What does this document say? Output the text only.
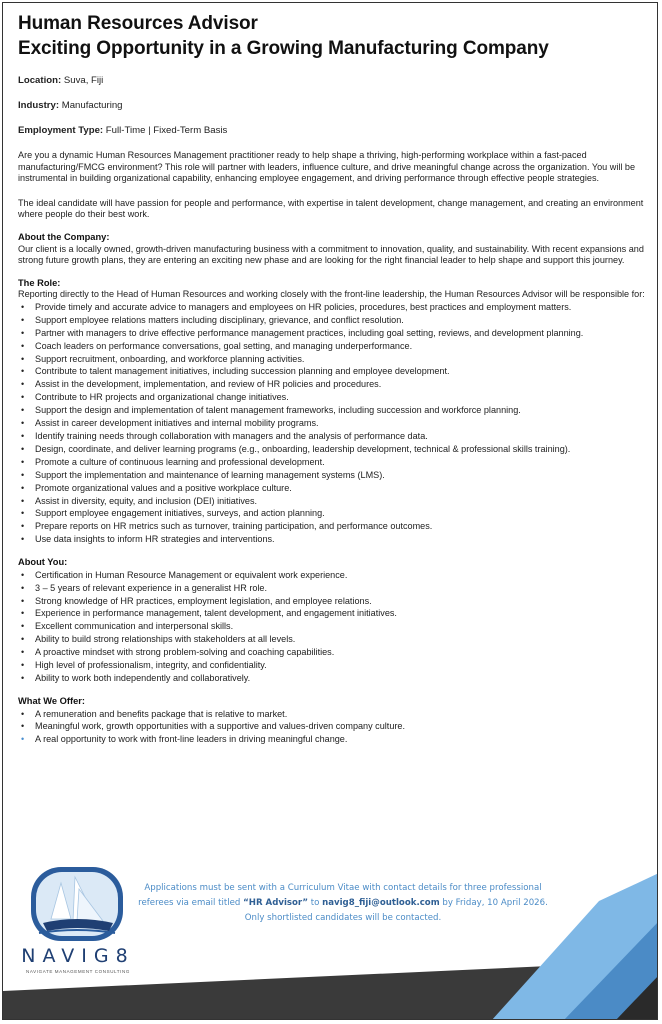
Human Resources Advisor
Exciting Opportunity in a Growing Manufacturing Company
Location: Suva, Fiji
Industry: Manufacturing
Employment Type: Full-Time | Fixed-Term Basis

Are you a dynamic Human Resources Management practitioner ready to help shape a thriving, high-performing workplace within a fast-paced manufacturing/FMCG environment? This role will partner with leaders, influence culture, and drive meaningful change across the organization. You will be instrumental in building organizational capability, enhancing employee engagement, and driving performance through effective people strategies.

The ideal candidate will have passion for people and performance, with expertise in talent development, change management, and creating an environment where people do their best work.

About the Company:

Our client is a locally owned, growth-driven manufacturing business with a commitment to innovation, quality, and sustainability. With recent expansions and strong future growth plans, they are entering an exciting new phase and are looking for the right financial leader to help shape and support this journey.

The Role:

Reporting directly to the Head of Human Resources and working closely with the front-line leadership, the Human Resources Advisor will be responsible for:

• Provide timely and accurate advice to managers and employees on HR policies, procedures, best practices and employment matters.
• Support employee relations matters including disciplinary, grievance, and conflict resolution.
• Partner with managers to drive effective performance management practices, including goal setting, reviews, and development planning.
• Coach leaders on performance conversations, goal setting, and managing underperformance.
• Support recruitment, onboarding, and workforce planning activities.
• Contribute to talent management initiatives, including succession planning and employee development.
• Assist in the development, implementation, and review of HR policies and procedures.
• Contribute to HR projects and organizational change initiatives.
• Support the design and implementation of talent management frameworks, including succession and workforce planning.
• Assist in career development initiatives and internal mobility programs.
• Identify training needs through collaboration with managers and the analysis of performance data.
• Design, coordinate, and deliver learning programs (e.g., onboarding, leadership development, technical & professional skills training).
• Promote a culture of continuous learning and professional development.
• Support the implementation and maintenance of learning management systems (LMS).
• Promote organizational values and a positive workplace culture.
• Assist in diversity, equity, and inclusion (DEI) initiatives.
• Support employee engagement initiatives, surveys, and action planning.
• Prepare reports on HR metrics such as turnover, training participation, and performance outcomes.
• Use data insights to inform HR strategies and interventions.
About You:
• Certification in Human Resource Management or equivalent work experience.
• 3 – 5 years of relevant experience in a generalist HR role.
• Strong knowledge of HR practices, employment legislation, and employee relations.
• Experience in performance management, talent development, and engagement initiatives.
• Excellent communication and interpersonal skills.
• Ability to build strong relationships with stakeholders at all levels.
• A proactive mindset with strong problem-solving and coaching capabilities.
• High level of professionalism, integrity, and confidentiality.
• Ability to work both independently and collaboratively.
What We Offer:
• A remuneration and benefits package that is relative to market.
• Meaningful work, growth opportunities with a supportive and values-driven company culture.
• A real opportunity to work with front-line leaders in driving meaningful change.
NAVIG8
NAVIGATE MANAGEMENT CONSULTING
Applications must be sent with a Curriculum Vitae with contact details for three professional
referees via email titled “HR Advisor” to navig8_fiji@outlook.com by Friday, 10 April 2026.
Only shortlisted candidates will be contacted.
